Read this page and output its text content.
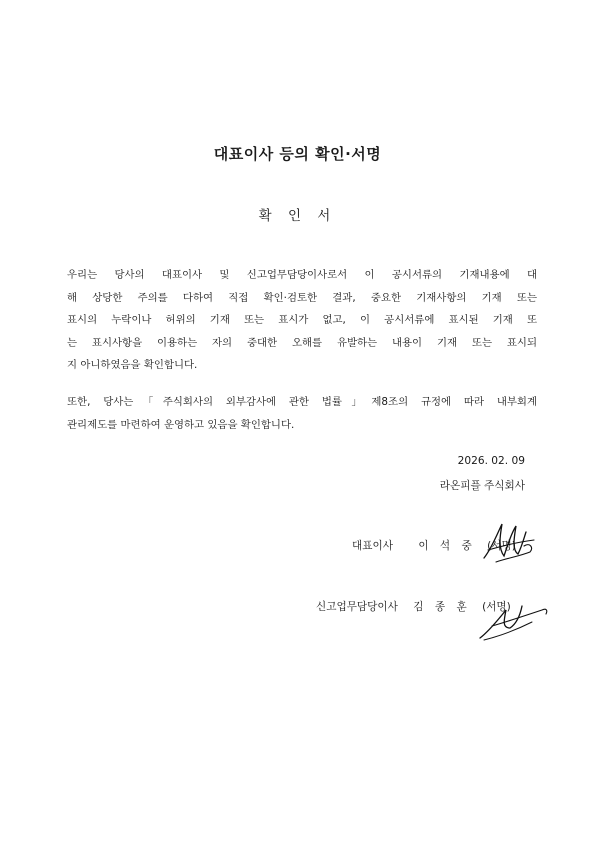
대표이사 등의 확인·서명
확 인 서
우리는 당사의 대표이사 및 신고업무담당이사로서 이 공시서류의 기재내용에 대
해 상당한 주의를 다하여 직접 확인·검토한 결과, 중요한 기재사항의 기재 또는
표시의 누락이나 허위의 기재 또는 표시가 없고, 이 공시서류에 표시된 기재 또
는 표시사항을 이용하는 자의 중대한 오해를 유발하는 내용이 기재 또는 표시되
지 아니하였음을 확인합니다.
또한, 당사는「주식회사의 외부감사에 관한 법률」제8조의 규정에 따라 내부회계
관리제도를 마련하여 운영하고 있음을 확인합니다.
2026. 02. 09
라온피플 주식회사
대표이사 이 석 중 (서명)
신고업무담당이사 김 종 훈 (서명)
